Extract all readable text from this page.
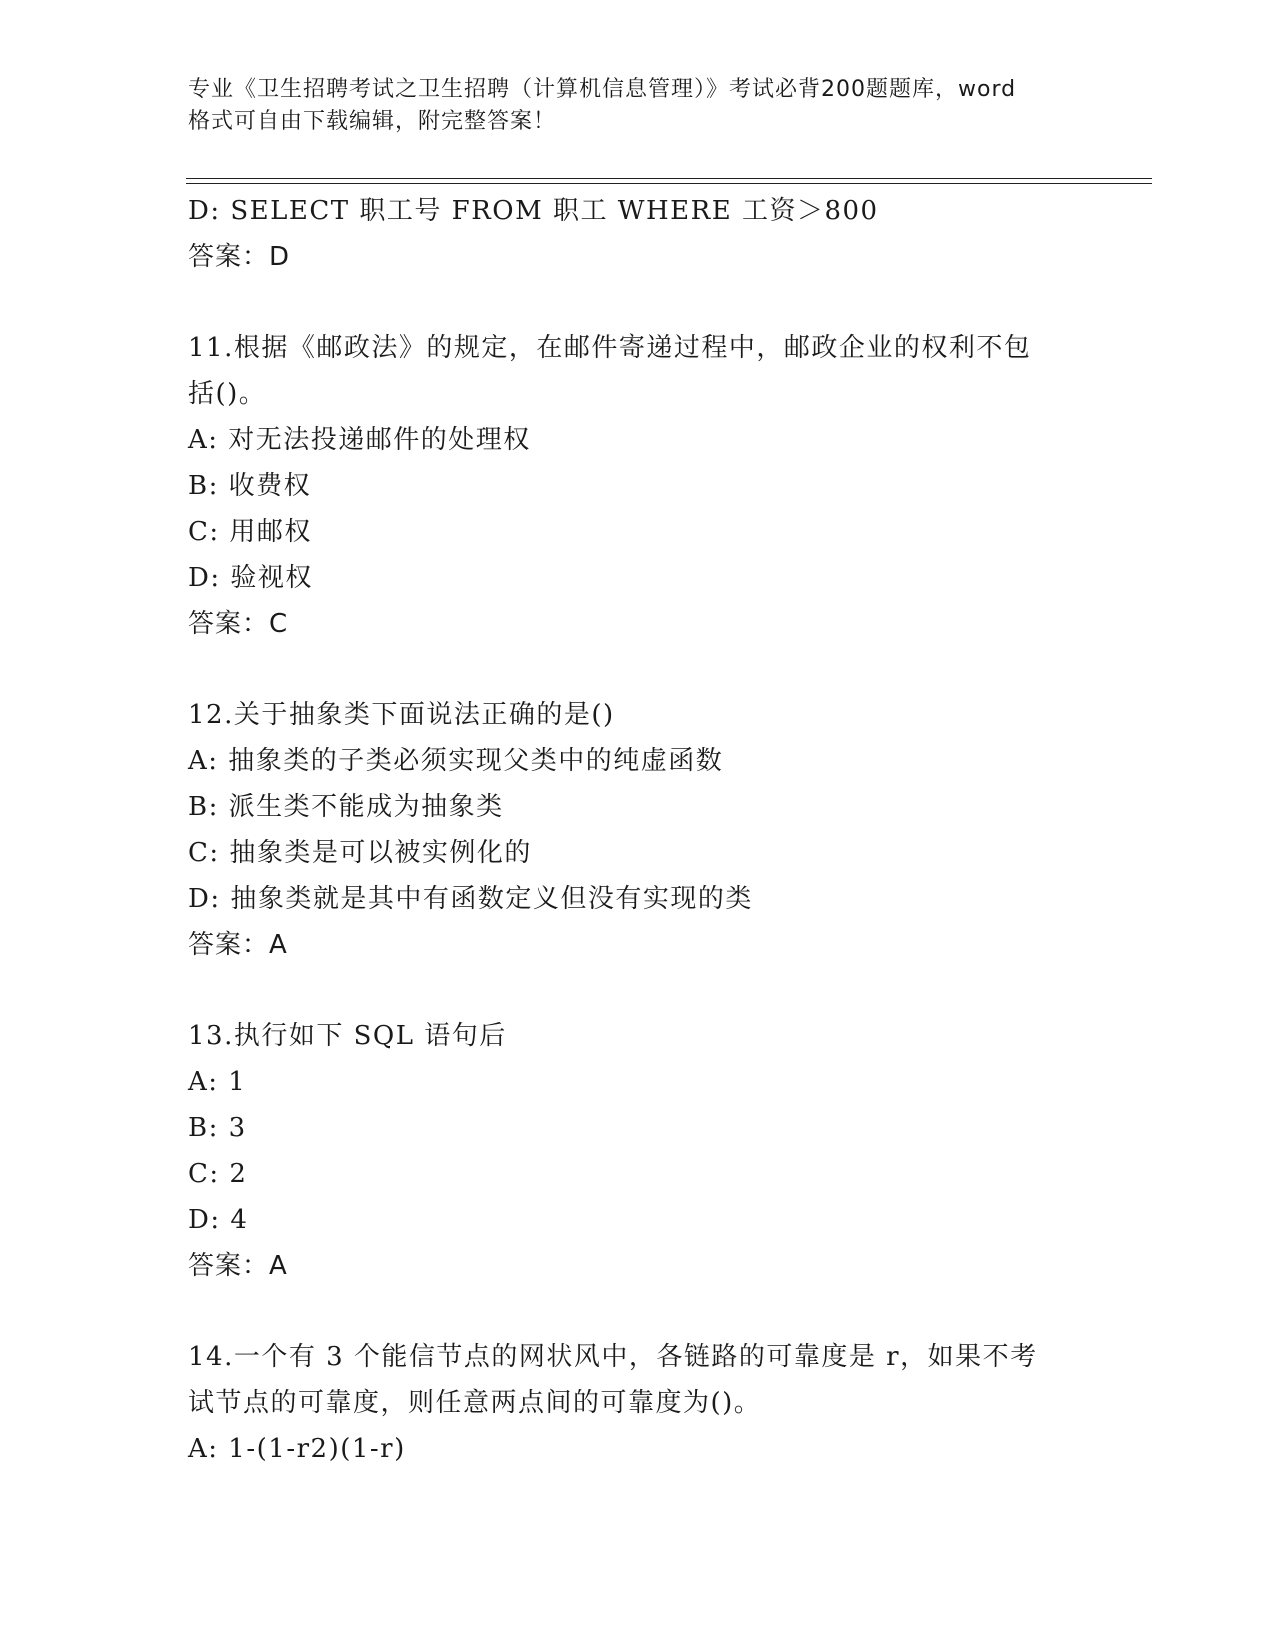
专业《卫生招聘考试之卫生招聘（计算机信息管理）》考试必背200题题库，word
格式可自由下载编辑，附完整答案！
D: SELECT 职工号 FROM 职工 WHERE 工资＞800
答案：D
11.根据《邮政法》的规定，在邮件寄递过程中，邮政企业的权利不包
括()。
A: 对无法投递邮件的处理权
B: 收费权
C: 用邮权
D: 验视权
答案：C
12.关于抽象类下面说法正确的是()
A: 抽象类的子类必须实现父类中的纯虚函数
B: 派生类不能成为抽象类
C: 抽象类是可以被实例化的
D: 抽象类就是其中有函数定义但没有实现的类
答案：A
13.执行如下 SQL 语句后
A: 1
B: 3
C: 2
D: 4
答案：A
14.一个有 3 个能信节点的网状风中，各链路的可靠度是 r，如果不考
试节点的可靠度，则任意两点间的可靠度为()。
A: 1-(1-r2)(1-r)
